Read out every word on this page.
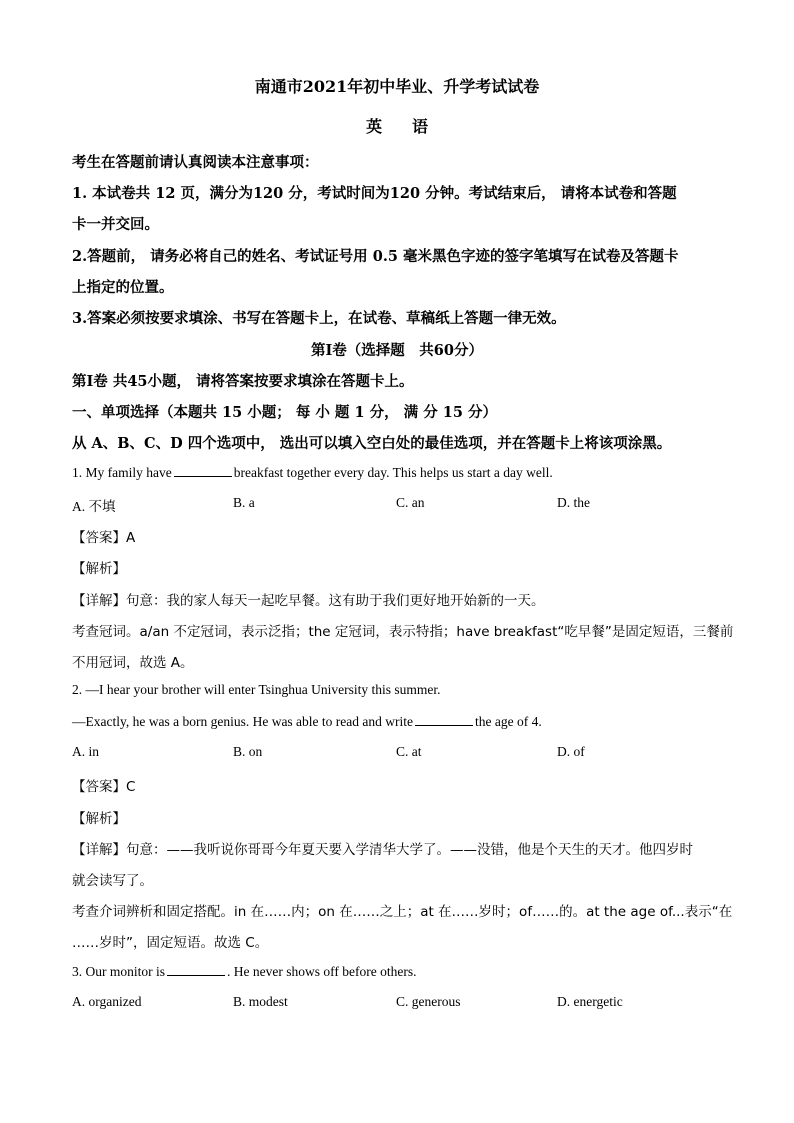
南通市2021年初中毕业、升学考试试卷
英语
考生在答题前请认真阅读本注意事项：
1. 本试卷共 12 页，满分为120 分，考试时间为120 分钟。考试结束后， 请将本试卷和答题
卡一并交回。
2.答题前， 请务必将自己的姓名、考试证号用 0.5 毫米黑色字迹的签字笔填写在试卷及答题卡
上指定的位置。
3.答案必须按要求填涂、书写在答题卡上，在试卷、草稿纸上答题一律无效。
第Ⅰ卷（选择题　共60分）
第Ⅰ卷 共45小题， 请将答案按要求填涂在答题卡上。
一、单项选择（本题共 15 小题； 每 小 题 1 分， 满 分 15 分）
从 A、B、C、D 四个选项中， 选出可以填入空白处的最佳选项，并在答题卡上将该项涂黑。
1. My family have	breakfast together every day. This helps us start a day well.
A. 不填	B. a	C. an	D. the
【答案】A
【解析】
【详解】句意：我的家人每天一起吃早餐。这有助于我们更好地开始新的一天。
考查冠词。a/an 不定冠词，表示泛指；the 定冠词，表示特指；have breakfast“吃早餐”是固定短语，三餐前
不用冠词，故选 A。
2. —I hear your brother will enter Tsinghua University this summer.
—Exactly, he was a born genius. He was able to read and write	the age of 4.
A. in	B. on	C. at	D. of
【答案】C
【解析】
【详解】句意：——我听说你哥哥今年夏天要入学清华大学了。——没错，他是个天生的天才。他四岁时
就会读写了。
考查介词辨析和固定搭配。in 在……内；on 在……之上；at 在……岁时；of……的。at the age of...表示“在
……岁时”，固定短语。故选 C。
3. Our monitor is	. He never shows off before others.
A. organized	B. modest	C. generous	D. energetic
